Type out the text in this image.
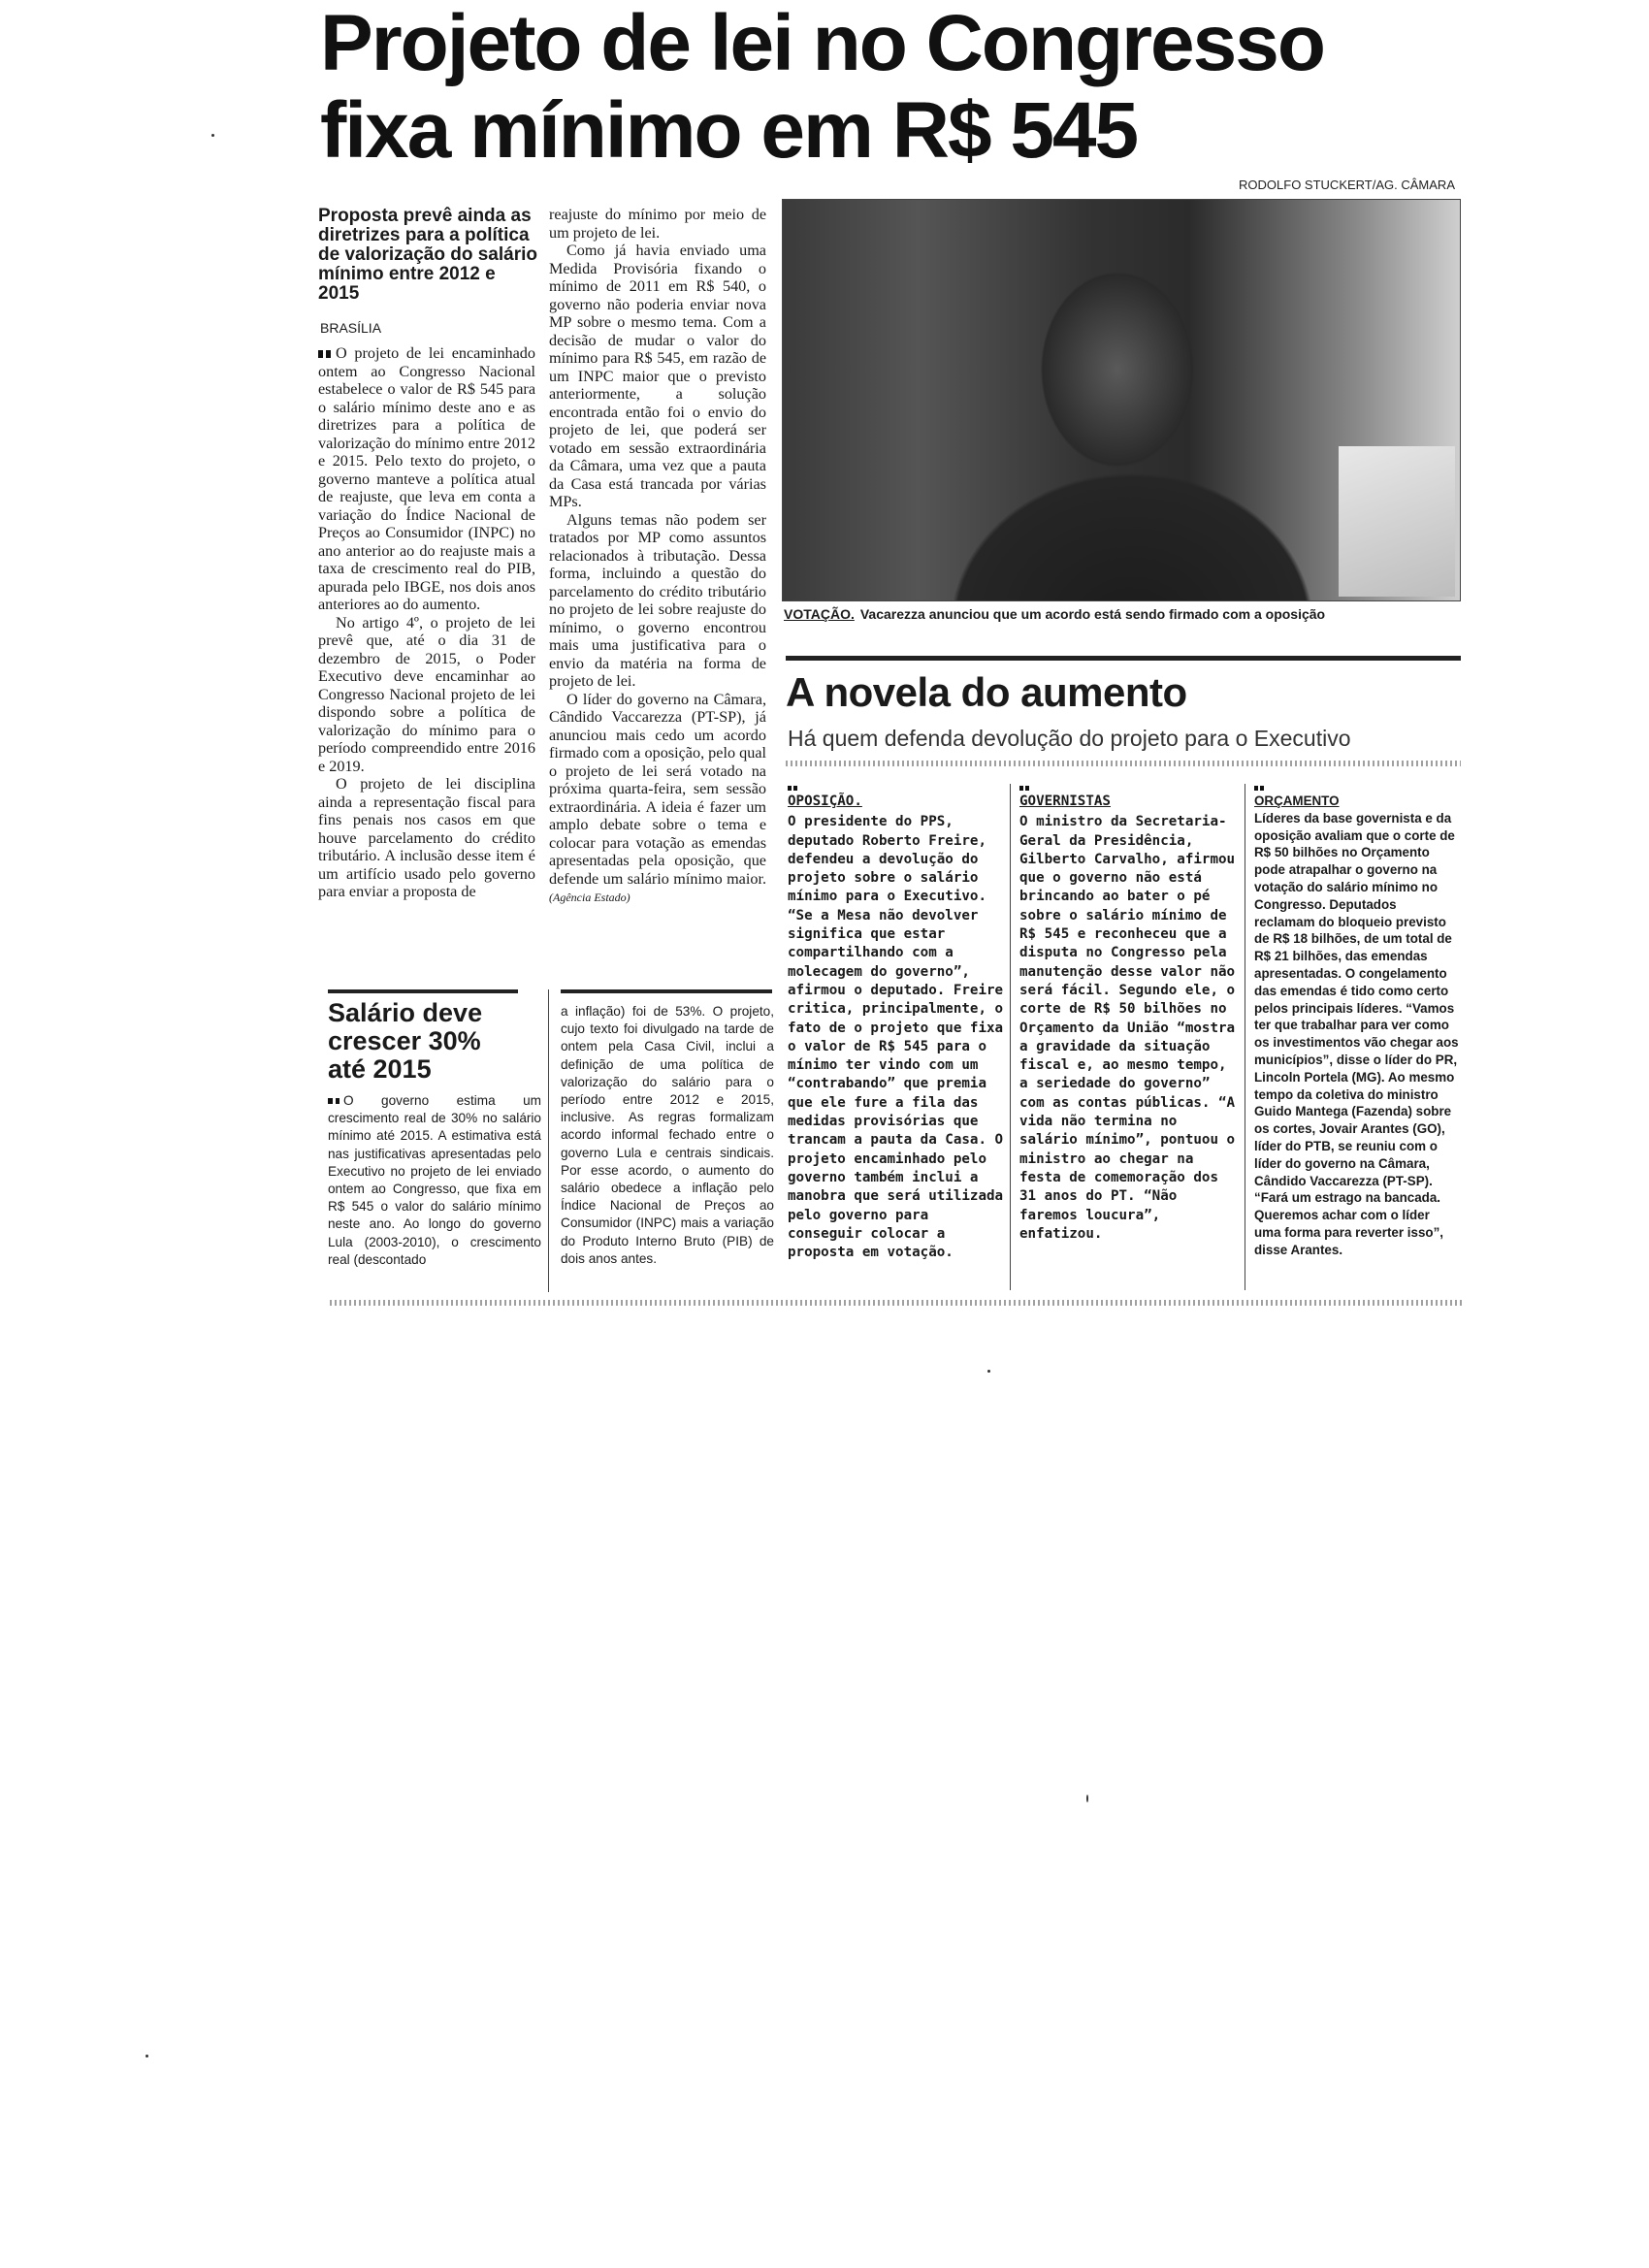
Projeto de lei no Congresso
fixa mínimo em R$ 545
RODOLFO STUCKERT/AG. CÂMARA
Proposta prevê ainda as diretrizes para a política de valorização do salário mínimo entre 2012 e 2015
BRASÍLIA

O projeto de lei encaminhado ontem ao Congresso Nacional estabelece o valor de R$ 545 para o salário mínimo deste ano e as diretrizes para a política de valorização do mínimo entre 2012 e 2015. Pelo texto do projeto, o governo manteve a política atual de reajuste, que leva em conta a variação do Índice Nacional de Preços ao Consumidor (INPC) no ano anterior ao do reajuste mais a taxa de crescimento real do PIB, apurada pelo IBGE, nos dois anos anteriores ao do aumento.

No artigo 4º, o projeto de lei prevê que, até o dia 31 de dezembro de 2015, o Poder Executivo deve encaminhar ao Congresso Nacional projeto de lei dispondo sobre a política de valorização do mínimo para o período compreendido entre 2016 e 2019.

O projeto de lei disciplina ainda a representação fiscal para fins penais nos casos em que houve parcelamento do crédito tributário. A inclusão desse item é um artifício usado pelo governo para enviar a proposta de

reajuste do mínimo por meio de um projeto de lei.

Como já havia enviado uma Medida Provisória fixando o mínimo de 2011 em R$ 540, o governo não poderia enviar nova MP sobre o mesmo tema. Com a decisão de mudar o valor do mínimo para R$ 545, em razão de um INPC maior que o previsto anteriormente, a solução encontrada então foi o envio do projeto de lei, que poderá ser votado em sessão extraordinária da Câmara, uma vez que a pauta da Casa está trancada por várias MPs.

Alguns temas não podem ser tratados por MP como assuntos relacionados à tributação. Dessa forma, incluindo a questão do parcelamento do crédito tributário no projeto de lei sobre reajuste do mínimo, o governo encontrou mais uma justificativa para o envio da matéria na forma de projeto de lei.

O líder do governo na Câmara, Cândido Vaccarezza (PT-SP), já anunciou mais cedo um acordo firmado com a oposição, pelo qual o projeto de lei será votado na próxima quarta-feira, sem sessão extraordinária. A ideia é fazer um amplo debate sobre o tema e colocar para votação as emendas apresentadas pela oposição, que defende um salário mínimo maior. (Agência Estado)

VOTAÇÃO. Vacarezza anunciou que um acordo está sendo firmado com a oposição
A novela do aumento
Há quem defenda devolução do projeto para o Executivo
OPOSIÇÃO.
O presidente do PPS, deputado Roberto Freire, defendeu a devolução do projeto sobre o salário mínimo para o Executivo. “Se a Mesa não devolver significa que estar compartilhando com a molecagem do governo”, afirmou o deputado. Freire critica, principalmente, o fato de o projeto que fixa o valor de R$ 545 para o mínimo ter vindo com um “contrabando” que premia que ele fure a fila das medidas provisórias que trancam a pauta da Casa. O projeto encaminhado pelo governo também inclui a manobra que será utilizada pelo governo para conseguir colocar a proposta em votação.
GOVERNISTAS
O ministro da Secretaria-Geral da Presidência, Gilberto Carvalho, afirmou que o governo não está brincando ao bater o pé sobre o salário mínimo de R$ 545 e reconheceu que a disputa no Congresso pela manutenção desse valor não será fácil. Segundo ele, o corte de R$ 50 bilhões no Orçamento da União “mostra a gravidade da situação fiscal e, ao mesmo tempo, a seriedade do governo” com as contas públicas. “A vida não termina no salário mínimo”, pontuou o ministro ao chegar na festa de comemoração dos 31 anos do PT. “Não faremos loucura”, enfatizou.
ORÇAMENTO
Líderes da base governista e da oposição avaliam que o corte de R$ 50 bilhões no Orçamento pode atrapalhar o governo na votação do salário mínimo no Congresso. Deputados reclamam do bloqueio previsto de R$ 18 bilhões, de um total de R$ 21 bilhões, das emendas apresentadas. O congelamento das emendas é tido como certo pelos principais líderes. “Vamos ter que trabalhar para ver como os investimentos vão chegar aos municípios”, disse o líder do PR, Lincoln Portela (MG). Ao mesmo tempo da coletiva do ministro Guido Mantega (Fazenda) sobre os cortes, Jovair Arantes (GO), líder do PTB, se reuniu com o líder do governo na Câmara, Cândido Vaccarezza (PT-SP). “Fará um estrago na bancada. Queremos achar com o líder uma forma para reverter isso”, disse Arantes.
Salário deve crescer 30% até 2015
O governo estima um crescimento real de 30% no salário mínimo até 2015. A estimativa está nas justificativas apresentadas pelo Executivo no projeto de lei enviado ontem ao Congresso, que fixa em R$ 545 o valor do salário mínimo neste ano. Ao longo do governo Lula (2003-2010), o crescimento real (descontado
a inflação) foi de 53%. O projeto, cujo texto foi divulgado na tarde de ontem pela Casa Civil, inclui a definição de uma política de valorização do salário para o período entre 2012 e 2015, inclusive. As regras formalizam acordo informal fechado entre o governo Lula e centrais sindicais. Por esse acordo, o aumento do salário obedece a inflação pelo Índice Nacional de Preços ao Consumidor (INPC) mais a variação do Produto Interno Bruto (PIB) de dois anos antes.
